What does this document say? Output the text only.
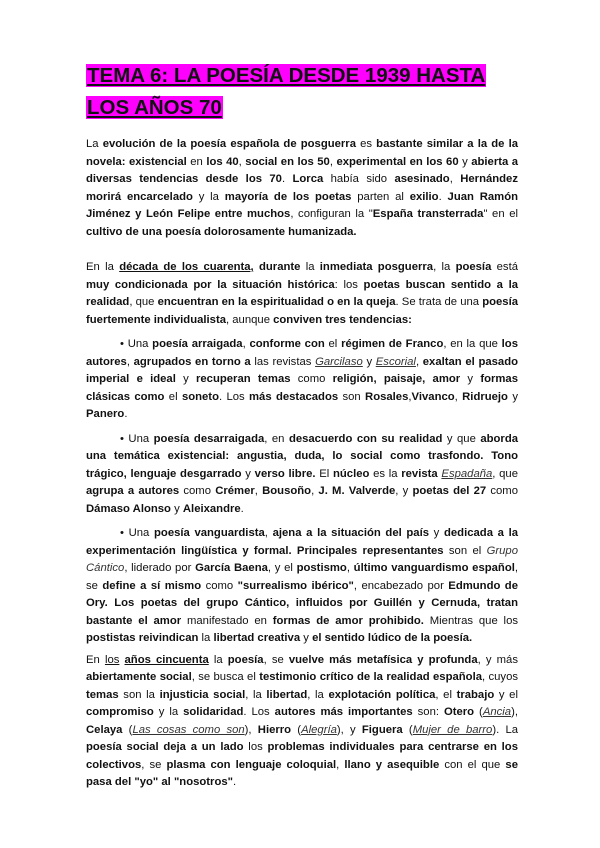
TEMA 6: LA POESÍA DESDE 1939 HASTA LOS AÑOS 70

La evolución de la poesía española de posguerra es bastante similar a la de la novela: existencial en los 40, social en los 50, experimental en los 60 y abierta a diversas tendencias desde los 70. Lorca había sido asesinado, Hernández morirá encarcelado y la mayoría de los poetas parten al exilio. Juan Ramón Jiménez y León Felipe entre muchos, configuran la "España transterrada" en el cultivo de una poesía dolorosamente humanizada.

En la década de los cuarenta, durante la inmediata posguerra, la poesía está muy condicionada por la situación histórica: los poetas buscan sentido a la realidad, que encuentran en la espiritualidad o en la queja. Se trata de una poesía fuertemente individualista, aunque conviven tres tendencias:

• Una poesía arraigada, conforme con el régimen de Franco, en la que los autores, agrupados en torno a las revistas Garcilaso y Escorial, exaltan el pasado imperial e ideal y recuperan temas como religión, paisaje, amor y formas clásicas como el soneto. Los más destacados son Rosales,Vivanco, Ridruejo y Panero.

• Una poesía desarraigada, en desacuerdo con su realidad y que aborda una temática existencial: angustia, duda, lo social como trasfondo. Tono trágico, lenguaje desgarrado y verso libre. El núcleo es la revista Espadaña, que agrupa a autores como Crémer, Bousoño, J. M. Valverde, y poetas del 27 como Dámaso Alonso y Aleixandre.

• Una poesía vanguardista, ajena a la situación del país y dedicada a la experimentación lingüística y formal. Principales representantes son el Grupo Cántico, liderado por García Baena, y el postismo, último vanguardismo español, se define a sí mismo como "surrealismo ibérico", encabezado por Edmundo de Ory. Los poetas del grupo Cántico, influidos por Guillén y Cernuda, tratan bastante el amor manifestado en formas de amor prohibido. Mientras que los postistas reivindican la libertad creativa y el sentido lúdico de la poesía.

En los años cincuenta la poesía, se vuelve más metafísica y profunda, y más abiertamente social, se busca el testimonio crítico de la realidad española, cuyos temas son la injusticia social, la libertad, la explotación política, el trabajo y el compromiso y la solidaridad. Los autores más importantes son: Otero (Ancia), Celaya (Las cosas como son), Hierro (Alegría), y Figuera (Mujer de barro). La poesía social deja a un lado los problemas individuales para centrarse en los colectivos, se plasma con lenguaje coloquial, llano y asequible con el que se pasa del "yo" al "nosotros".
